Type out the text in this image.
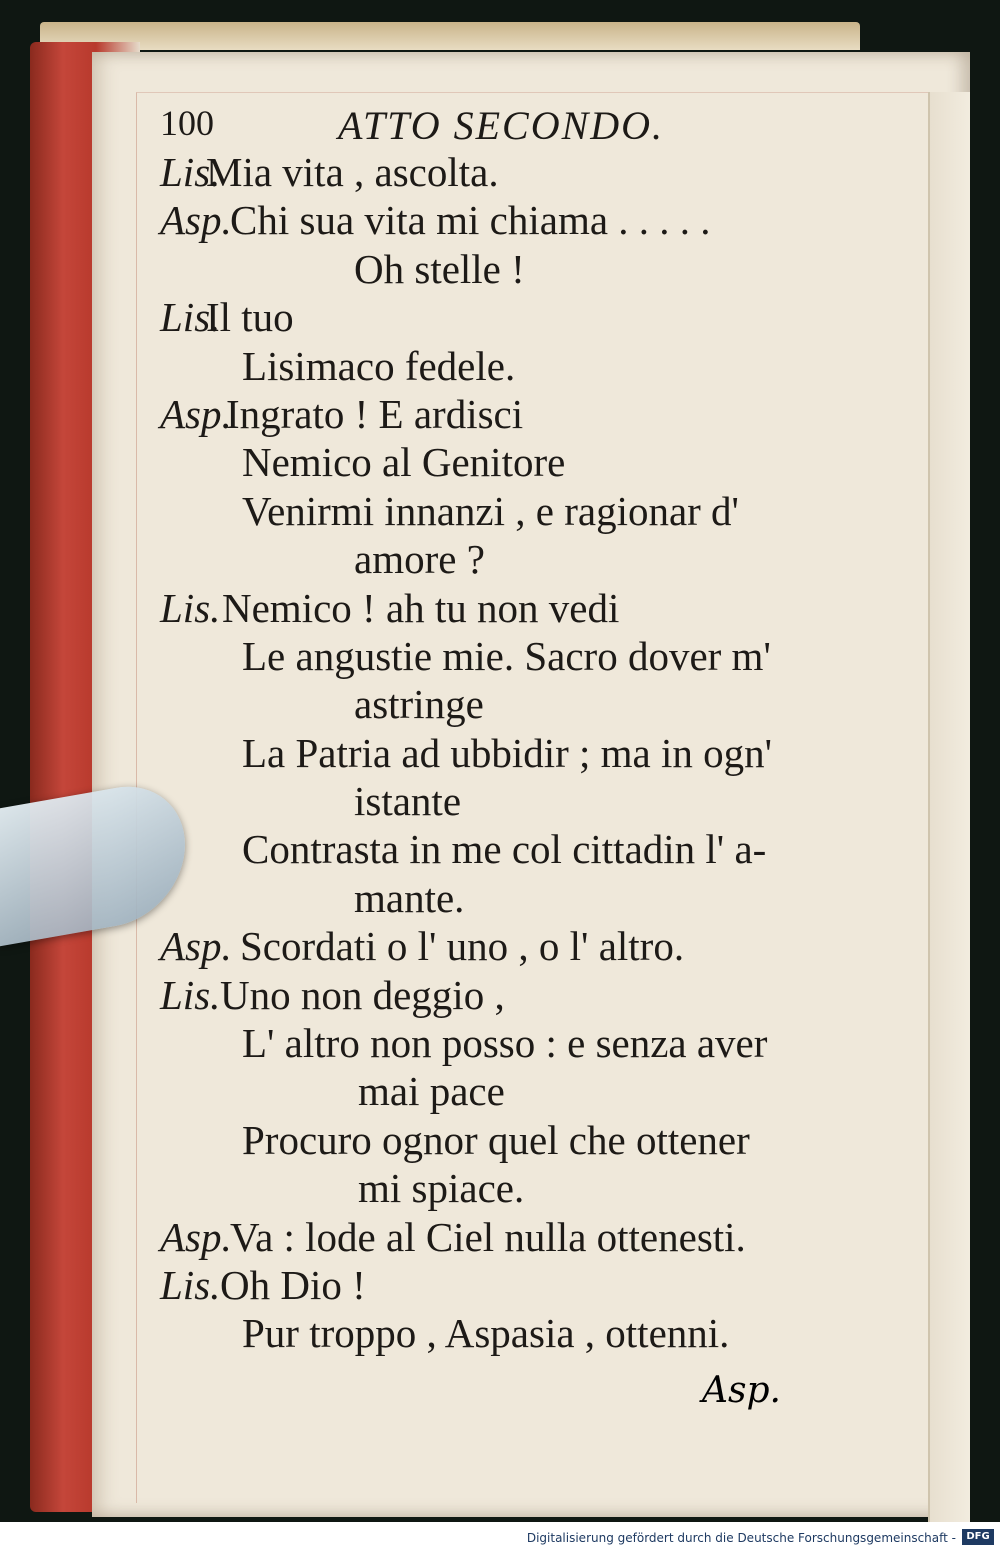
100	ATTO SECONDO.
Lis.
Mia vita , ascolta.
Asp.
Chi sua vita mi chiama . . . . .
Oh stelle !
Lis.
Il tuo
Lisimaco fedele.
Asp.
Ingrato ! E ardisci
Nemico al Genitore
Venirmi innanzi , e ragionar d'
amore ?
Lis. Nemico ! ah tu non vedi
Le angustie mie. Sacro dover m'
astringe
La Patria ad ubbidir ; ma in ogn'
istante
Contrasta in me col cittadin l' a-
mante.
Asp. Scordati o l' uno , o l' altro.
Lis. Uno non deggio ,
L' altro non posso : e senza aver
mai pace
Procuro ognor quel che ottener
mi spiace.
Asp.
Va : lode al Ciel nulla ottenesti.
Lis. Oh Dio !
Pur troppo , Aspasia , ottenni.
Asp.
Digitalisierung gefördert durch die Deutsche Forschungsgemeinschaft -	DFG
